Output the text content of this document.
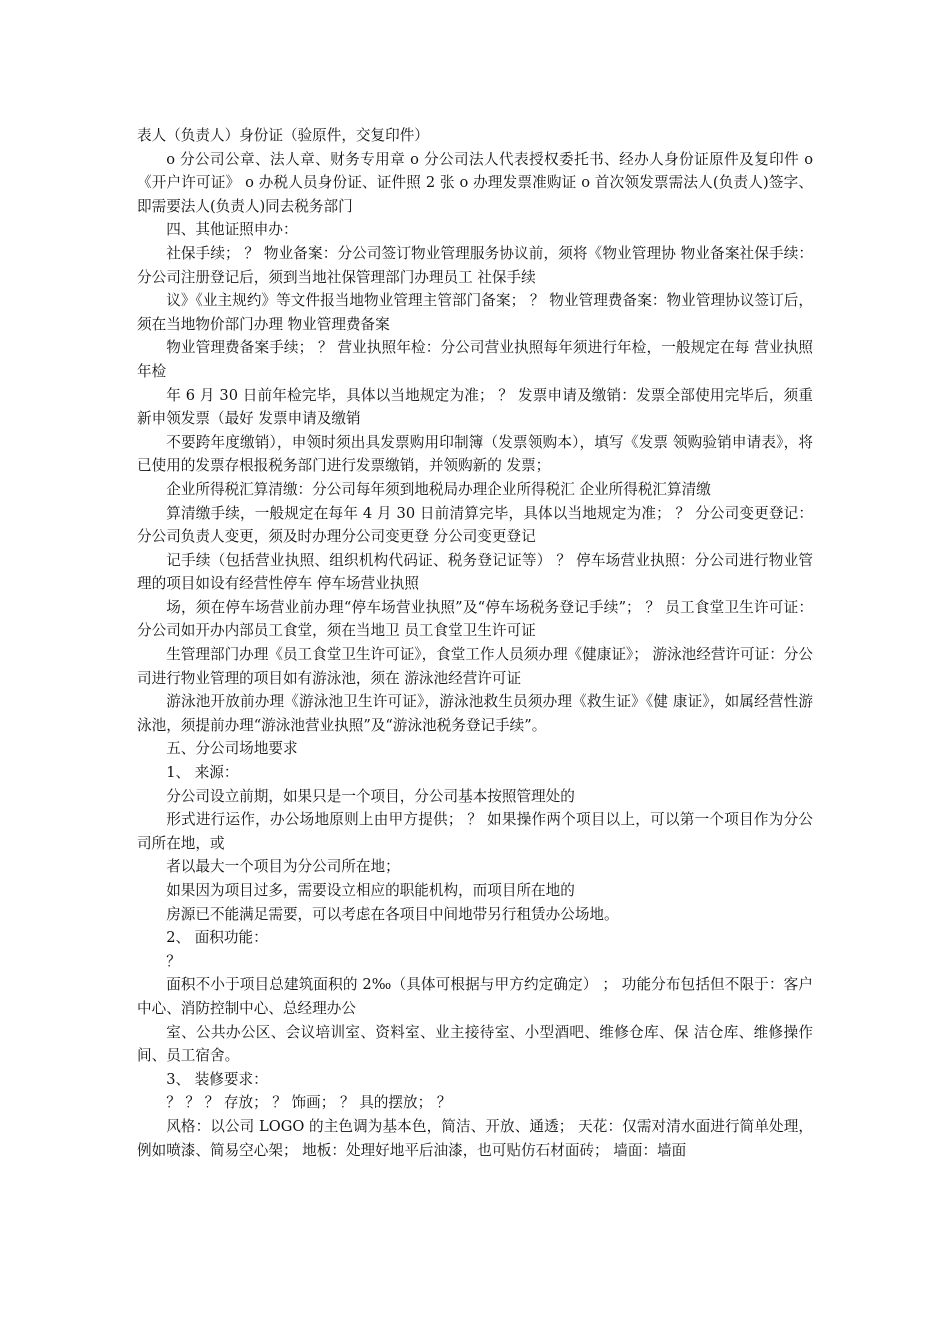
表人（负责人）身份证（验原件，交复印件）

o 分公司公章、法人章、财务专用章 o 分公司法人代表授权委托书、经办人身份证原件及复印件 o《开户许可证》 o 办税人员身份证、证件照 2 张 o 办理发票准购证 o 首次领发票需法人(负责人)签字、即需要法人(负责人)同去税务部门

四、其他证照申办：

社保手续； ？ 物业备案：分公司签订物业管理服务协议前，须将《物业管理协 物业备案社保手续：分公司注册登记后，须到当地社保管理部门办理员工 社保手续

议》《业主规约》等文件报当地物业管理主管部门备案； ？ 物业管理费备案：物业管理协议签订后，须在当地物价部门办理 物业管理费备案

物业管理费备案手续； ？ 营业执照年检：分公司营业执照每年须进行年检，一般规定在每 营业执照年检

年 6 月 30 日前年检完毕，具体以当地规定为准； ？ 发票申请及缴销：发票全部使用完毕后，须重新申领发票（最好 发票申请及缴销

不要跨年度缴销），申领时须出具发票购用印制簿（发票领购本），填写《发票 领购验销申请表》，将已使用的发票存根报税务部门进行发票缴销，并领购新的 发票；

企业所得税汇算清缴：分公司每年须到地税局办理企业所得税汇 企业所得税汇算清缴

算清缴手续，一般规定在每年 4 月 30 日前清算完毕，具体以当地规定为准； ？ 分公司变更登记：分公司负责人变更，须及时办理分公司变更登 分公司变更登记

记手续（包括营业执照、组织机构代码证、税务登记证等） ？ 停车场营业执照：分公司进行物业管理的项目如设有经营性停车 停车场营业执照

场，须在停车场营业前办理“停车场营业执照”及“停车场税务登记手续”； ？ 员工食堂卫生许可证：分公司如开办内部员工食堂，须在当地卫 员工食堂卫生许可证

生管理部门办理《员工食堂卫生许可证》，食堂工作人员须办理《健康证》； 游泳池经营许可证：分公司进行物业管理的项目如有游泳池，须在 游泳池经营许可证

游泳池开放前办理《游泳池卫生许可证》，游泳池救生员须办理《救生证》《健 康证》，如属经营性游泳池，须提前办理“游泳池营业执照”及“游泳池税务登记手续”。

五、分公司场地要求

1、 来源：

分公司设立前期，如果只是一个项目，分公司基本按照管理处的

形式进行运作，办公场地原则上由甲方提供； ？ 如果操作两个项目以上，可以第一个项目作为分公司所在地，或

者以最大一个项目为分公司所在地；

如果因为项目过多，需要设立相应的职能机构，而项目所在地的

房源已不能满足需要，可以考虑在各项目中间地带另行租赁办公场地。

2、 面积功能：

？

面积不小于项目总建筑面积的 2‰（具体可根据与甲方约定确定） ； 功能分布包括但不限于：客户中心、消防控制中心、总经理办公

室、公共办公区、会议培训室、资料室、业主接待室、小型酒吧、维修仓库、保 洁仓库、维修操作间、员工宿舍。

3、 装修要求：

？ ？ ？ 存放； ？ 饰画； ？ 具的摆放； ？

风格：以公司 LOGO 的主色调为基本色，简洁、开放、通透； 天花：仅需对清水面进行简单处理，例如喷漆、简易空心架； 地板：处理好地平后油漆，也可贴仿石材面砖； 墙面：墙面
